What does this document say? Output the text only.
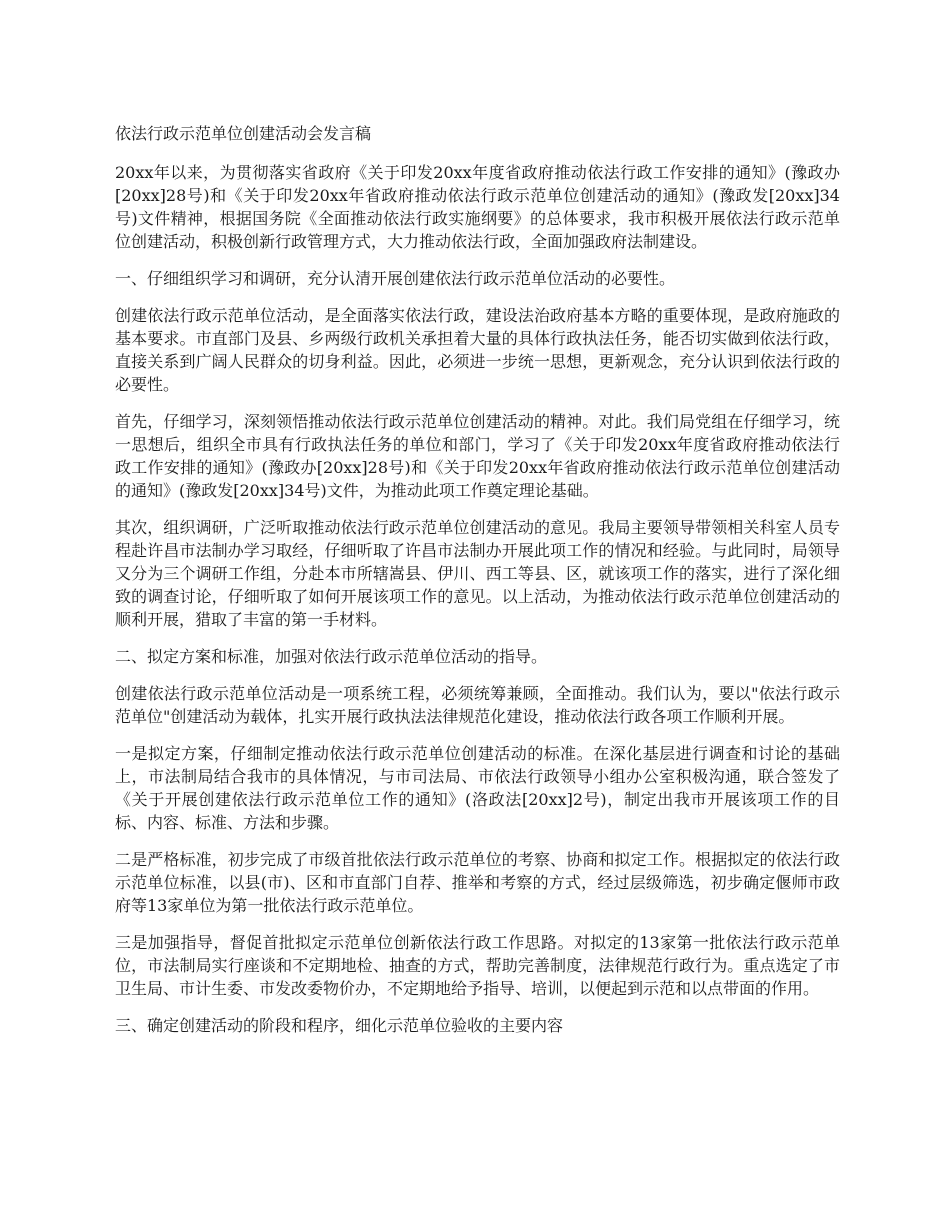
依法行政示范单位创建活动会发言稿

20xx年以来，为贯彻落实省政府《关于印发20xx年度省政府推动依法行政工作安排的通知》(豫政办[20xx]28号)和《关于印发20xx年省政府推动依法行政示范单位创建活动的通知》(豫政发[20xx]34号)文件精神，根据国务院《全面推动依法行政实施纲要》的总体要求，我市积极开展依法行政示范单位创建活动，积极创新行政管理方式，大力推动依法行政，全面加强政府法制建设。

一、仔细组织学习和调研，充分认清开展创建依法行政示范单位活动的必要性。

创建依法行政示范单位活动，是全面落实依法行政，建设法治政府基本方略的重要体现，是政府施政的基本要求。市直部门及县、乡两级行政机关承担着大量的具体行政执法任务，能否切实做到依法行政，直接关系到广阔人民群众的切身利益。因此，必须进一步统一思想，更新观念，充分认识到依法行政的必要性。

首先，仔细学习，深刻领悟推动依法行政示范单位创建活动的精神。对此。我们局党组在仔细学习，统一思想后，组织全市具有行政执法任务的单位和部门，学习了《关于印发20xx年度省政府推动依法行政工作安排的通知》(豫政办[20xx]28号)和《关于印发20xx年省政府推动依法行政示范单位创建活动的通知》(豫政发[20xx]34号)文件，为推动此项工作奠定理论基础。

其次，组织调研，广泛听取推动依法行政示范单位创建活动的意见。我局主要领导带领相关科室人员专程赴许昌市法制办学习取经，仔细听取了许昌市法制办开展此项工作的情况和经验。与此同时，局领导又分为三个调研工作组，分赴本市所辖嵩县、伊川、西工等县、区，就该项工作的落实，进行了深化细致的调查讨论，仔细听取了如何开展该项工作的意见。以上活动，为推动依法行政示范单位创建活动的顺利开展，猎取了丰富的第一手材料。

二、拟定方案和标准，加强对依法行政示范单位活动的指导。

创建依法行政示范单位活动是一项系统工程，必须统筹兼顾，全面推动。我们认为，要以"依法行政示范单位"创建活动为载体，扎实开展行政执法法律规范化建设，推动依法行政各项工作顺利开展。

一是拟定方案，仔细制定推动依法行政示范单位创建活动的标准。在深化基层进行调查和讨论的基础上，市法制局结合我市的具体情况，与市司法局、市依法行政领导小组办公室积极沟通，联合签发了《关于开展创建依法行政示范单位工作的通知》(洛政法[20xx]2号)，制定出我市开展该项工作的目标、内容、标准、方法和步骤。

二是严格标准，初步完成了市级首批依法行政示范单位的考察、协商和拟定工作。根据拟定的依法行政示范单位标准，以县(市)、区和市直部门自荐、推举和考察的方式，经过层级筛选，初步确定偃师市政府等13家单位为第一批依法行政示范单位。

三是加强指导，督促首批拟定示范单位创新依法行政工作思路。对拟定的13家第一批依法行政示范单位，市法制局实行座谈和不定期地检、抽查的方式，帮助完善制度，法律规范行政行为。重点选定了市卫生局、市计生委、市发改委物价办，不定期地给予指导、培训，以便起到示范和以点带面的作用。

三、确定创建活动的阶段和程序，细化示范单位验收的主要内容
